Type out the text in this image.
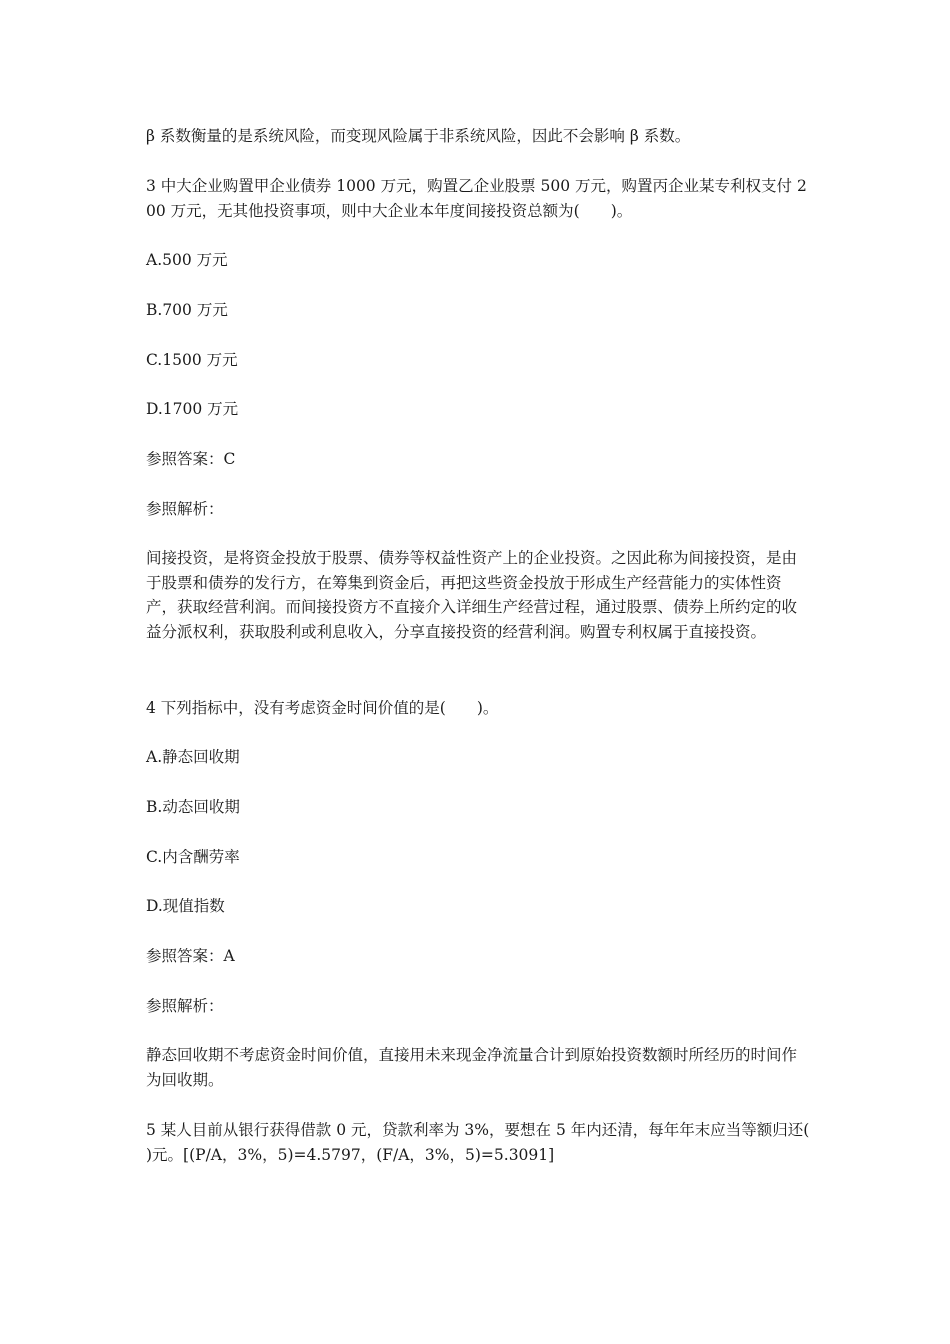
β 系数衡量的是系统风险，而变现风险属于非系统风险，因此不会影响 β 系数。
3 中大企业购置甲企业债券 1000 万元，购置乙企业股票 500 万元，购置丙企业某专利权支付 200 万元，无其他投资事项，则中大企业本年度间接投资总额为(　　)。
A.500 万元
B.700 万元
C.1500 万元
D.1700 万元
参照答案：C
参照解析：
间接投资，是将资金投放于股票、债券等权益性资产上的企业投资。之因此称为间接投资，是由于股票和债券的发行方，在筹集到资金后，再把这些资金投放于形成生产经营能力的实体性资产，获取经营利润。而间接投资方不直接介入详细生产经营过程，通过股票、债券上所约定的收益分派权利，获取股利或利息收入，分享直接投资的经营利润。购置专利权属于直接投资。
4 下列指标中，没有考虑资金时间价值的是(　　)。
A.静态回收期
B.动态回收期
C.内含酬劳率
D.现值指数
参照答案：A
参照解析：
静态回收期不考虑资金时间价值，直接用未来现金净流量合计到原始投资数额时所经历的时间作为回收期。
5 某人目前从银行获得借款 0 元，贷款利率为 3%，要想在 5 年内还清，每年年末应当等额归还(　　)元。[(P/A，3%，5)=4.5797，(F/A，3%，5)=5.3091]
